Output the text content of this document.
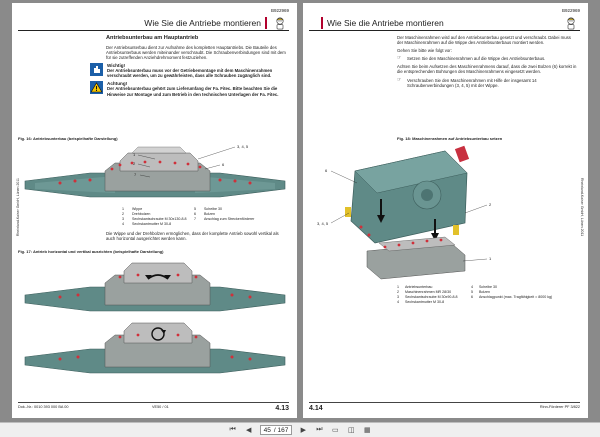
B922969
Wie Sie die Antriebe montieren
Rheinland-Kaiser GmbH, Lünen 2011
Antriebsunterbau am Hauptantrieb
Der Antriebsunterbau dient zur Aufnahme des kompletten Hauptantriebs. Die Bauteile des Antriebsunterbaus werden miteinander verschraubt. Die Schraubenverbindungen sind mit dem für sie zutreffenden Anziehdrehmoment festzuziehen.
Wichtig!
Der Antriebsunterbau muss vor der Getriebemontage mit dem Maschinenrahmen verschraubt werden, um zu gewährleisten, dass alle Schrauben zugänglich sind.
Achtung!
Der Antriebsunterbau gehört zum Lieferumfang der Fa. Fitec. Bitte beachten Sie die Hinweise zur Montage und zum Betrieb in den technischen Unterlagen der Fa. Fitec.
Fig. 16: Antriebsunterbau (beispielhafte Darstellung)
1
2
3, 4, 5
6
7
1	Wippe	5	Scheibe 30
2	Drehbolzen	6	Bolzen
3	Sechskantschraube M 30x130-8.8	7	Anschlag zum Streckenförderer
4	Sechskantmutter M 30-8
Die Wippe und der Drehbolzen ermöglichen, dass der komplette Antrieb sowohl vertikal als auch horizontal ausgerichtet werden kann.
Fig. 17: Antrieb horizontal und vertikal ausrichten (beispielhafte Darstellung)
Dok.-Nr.: 0010 393 000 BA 00	VE50 / 01	4.13
B922969
Wie Sie die Antriebe montieren
Rheinland-Kaiser GmbH, Lünen 2011
Der Maschinenrahmen wird auf den Antriebsunterbau gesetzt und verschraubt. Dabei muss der Maschinenrahmen auf die Wippe des Antriebsunterbaus montiert werden.
Gehen Sie bitte wie folgt vor:
☞	Setzen Sie den Maschinenrahmen auf die Wippe des Antriebsunterbaus.
Achten Sie beim Aufsetzen des Maschinenrahmens darauf, dass die zwei Bolzen (6) korrekt in die entsprechenden Bohrungen des Maschinenrahmens eingesetzt werden.
☞	Verschrauben Sie den Maschinenrahmen mit Hilfe der insgesamt 14 Schraubenverbindungen (3, 4, 5) mit der Wippe.
Fig. 18: Maschinenrahmen auf Antriebsunterbau setzen
6
2
3, 4, 5
1
1	Antriebsunterbau	4	Scheibe 30
2	Maschinenrahmen MR 28/30	5	Bolzen
3	Sechskantschraube M 30x90-8.8	6	Anschlagpunkt (max. Tragfähigkeit = 8000 kg)
4	Sechskantmutter M 30-8
4.14	Rinn-Förderer PF 3/822
⏮	◀	45 / 167	▶	⏭ ▭ ◫ ▦
